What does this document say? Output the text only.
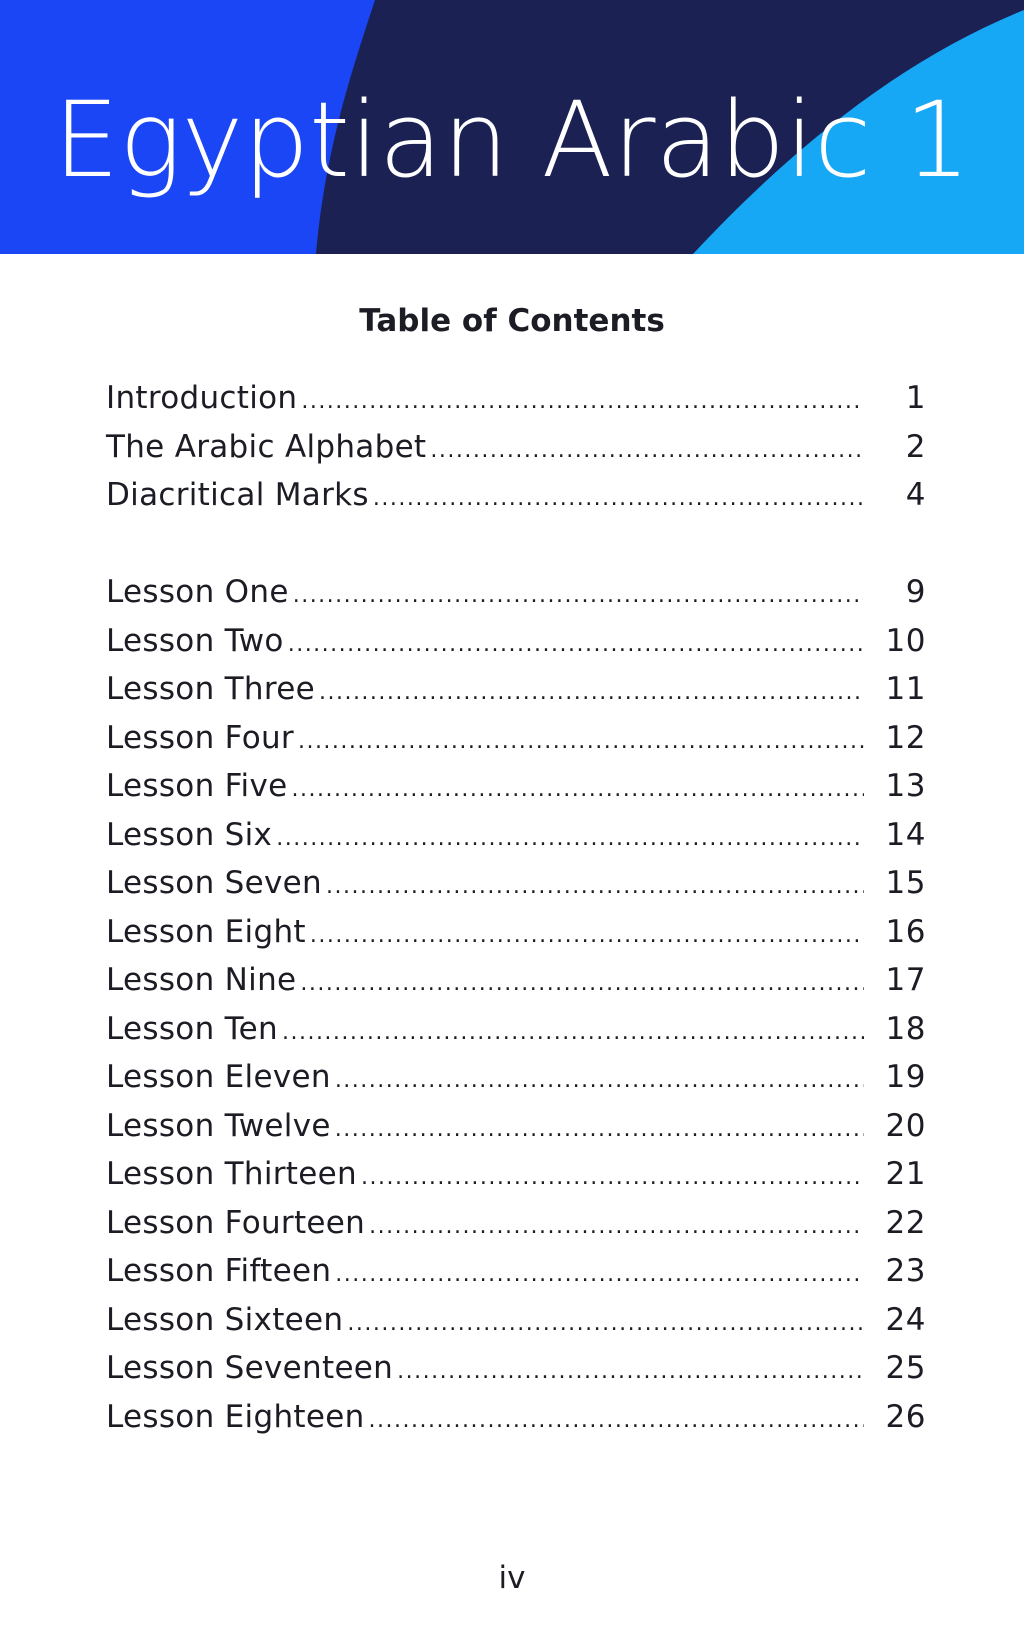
Egyptian Arabic 1
Table of Contents
Introduction .....	1
The Arabic Alphabet .....	2
Diacritical Marks .....	4
Lesson One .....	9
Lesson Two .....	10
Lesson Three .....	11
Lesson Four .....	12
Lesson Five .....	13
Lesson Six .....	14
Lesson Seven .....	15
Lesson Eight .....	16
Lesson Nine .....	17
Lesson Ten .....	18
Lesson Eleven .....	19
Lesson Twelve .....	20
Lesson Thirteen .....	21
Lesson Fourteen .....	22
Lesson Fifteen .....	23
Lesson Sixteen .....	24
Lesson Seventeen .....	25
Lesson Eighteen .....	26
iv
